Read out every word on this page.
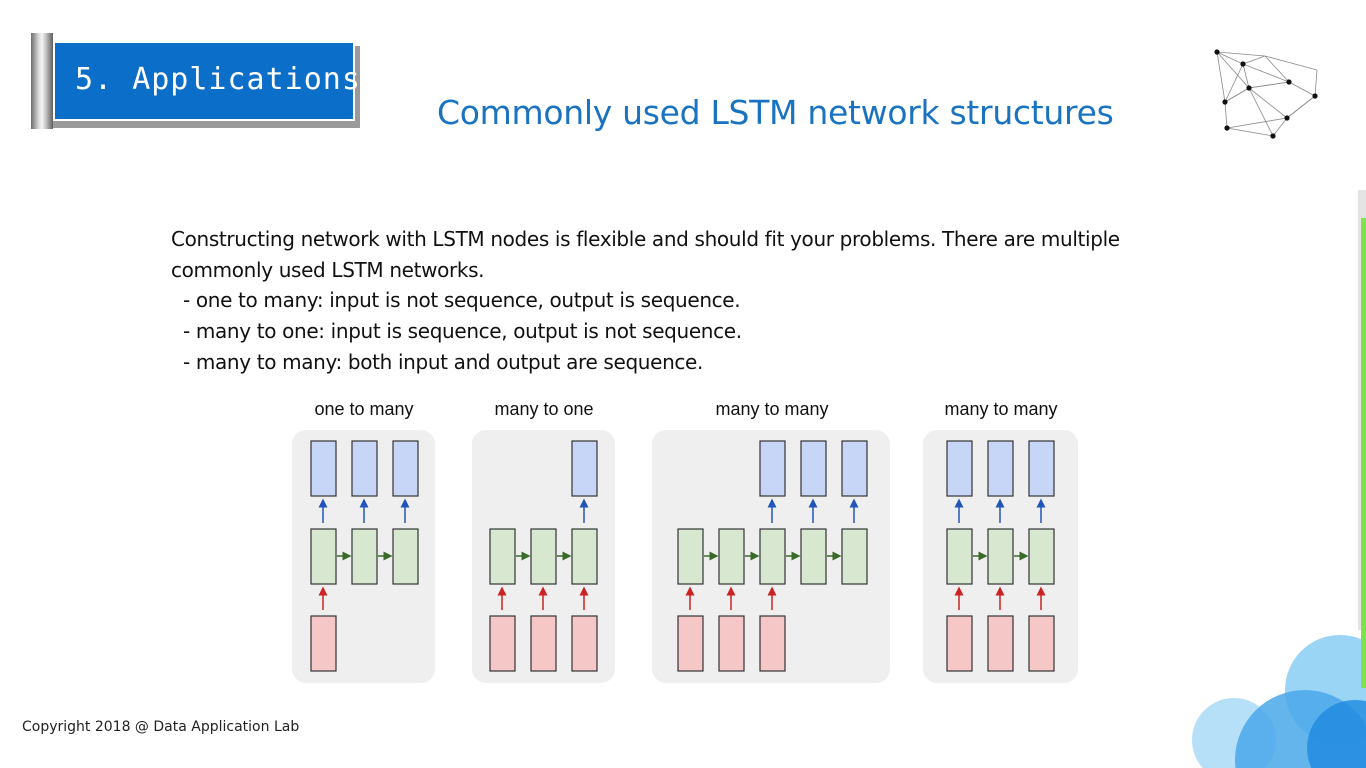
5. Applications
Commonly used LSTM network structures

Constructing network with LSTM nodes is flexible and should fit your problems. There are multiple commonly used LSTM networks.

- one to many: input is not sequence, output is sequence.

- many to one: input is sequence, output is not sequence.

- many to many: both input and output are sequence.

one to many	many to one	many to many	many to many
Copyright 2018 @ Data Application Lab
